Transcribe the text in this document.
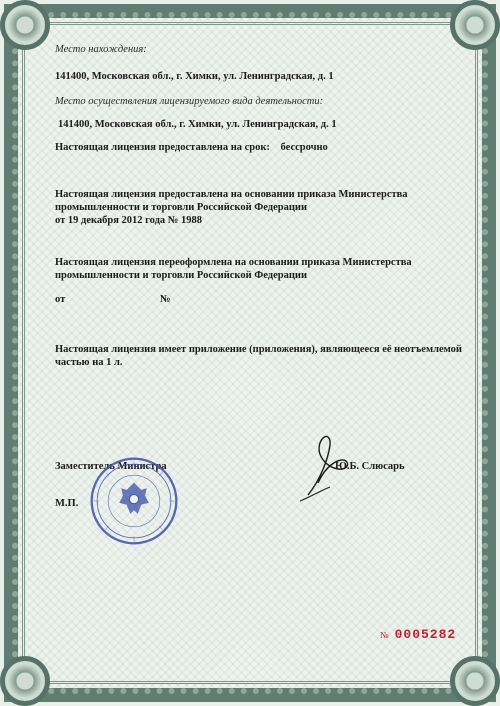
Место нахождения:
141400, Московская обл., г. Химки, ул. Ленинградская, д. 1
Место осуществления лицензируемого вида деятельности:
141400, Московская обл., г. Химки, ул. Ленинградская, д. 1
Настоящая лицензия предоставлена на срок: бессрочно
Настоящая лицензия предоставлена на основании приказа Министерства
промышленности и торговли Российской Федерации
от 19 декабря 2012 года № 1988
Настоящая лицензия переоформлена на основании приказа Министерства
промышленности и торговли Российской Федерации
от	№
Настоящая лицензия имеет приложение (приложения), являющееся её неотъемлемой
частью на 1 л.
Заместитель Министра	Ю.Б. Слюсарь
М.П.
№ 0005282
·································································································
